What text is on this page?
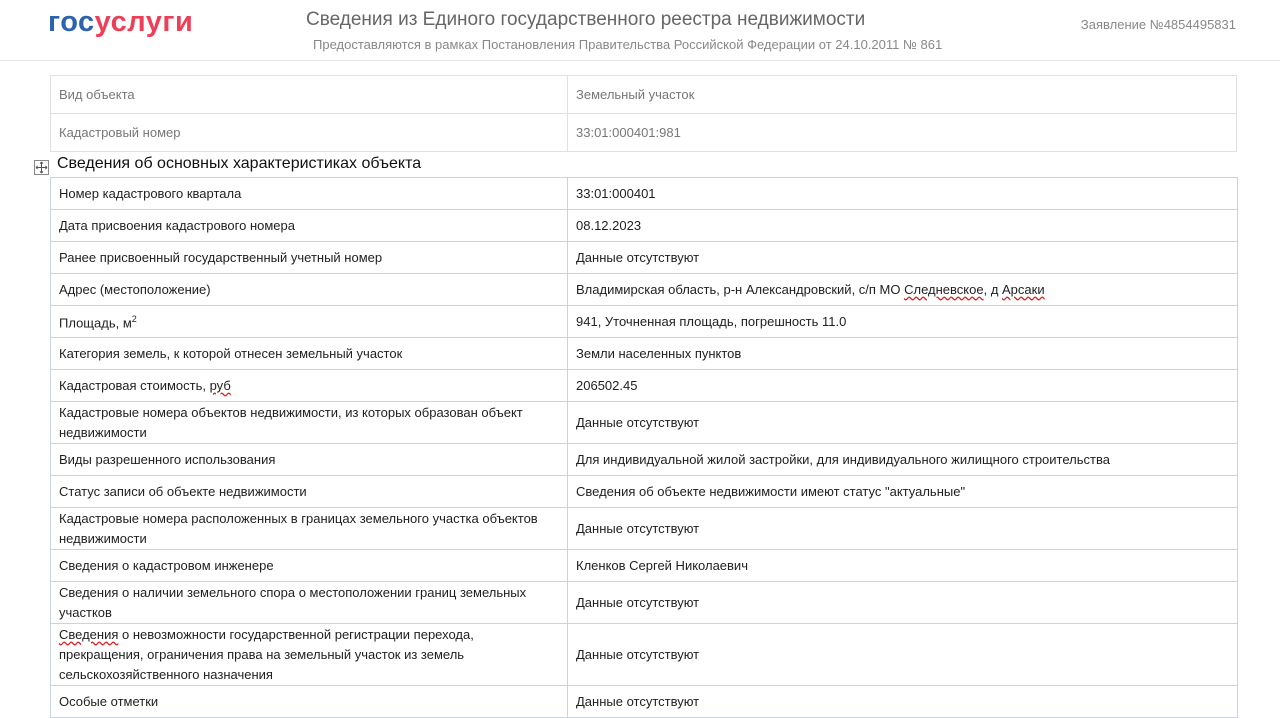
госуслуги	Сведения из Единого государственного реестра недвижимости
Предоставляются в рамках Постановления Правительства Российской Федерации от 24.10.2011 № 861
Заявление №4854495831
Вид объекта	Земельный участок
Кадастровый номер	33:01:000401:981
Сведения об основных характеристиках объекта
Номер кадастрового квартала	33:01:000401
Дата присвоения кадастрового номера	08.12.2023
Ранее присвоенный государственный учетный номер	Данные отсутствуют
Адрес (местоположение)	Владимирская область, р-н Александровский, с/п МО Следневское, д Арсаки
Площадь, $м^2$	941, Уточненная площадь, погрешность 11.0
Категория земель, к которой отнесен земельный участок	Земли населенных пунктов
Кадастровая стоимость, руб	206502.45
Кадастровые номера объектов недвижимости, из которых образован объект недвижимости	Данные отсутствуют
Виды разрешенного использования	Для индивидуальной жилой застройки, для индивидуального жилищного строительства
Статус записи об объекте недвижимости	Сведения об объекте недвижимости имеют статус "актуальные"
Кадастровые номера расположенных в границах земельного участка объектов недвижимости	Данные отсутствуют
Сведения о кадастровом инженере	Кленков Сергей Николаевич
Сведения о наличии земельного спора о местоположении границ земельных участков	Данные отсутствуют
Сведения о невозможности государственной регистрации перехода, прекращения, ограничения права на земельный участок из земель сельскохозяйственного назначения	Данные отсутствуют
Особые отметки	Данные отсутствуют
